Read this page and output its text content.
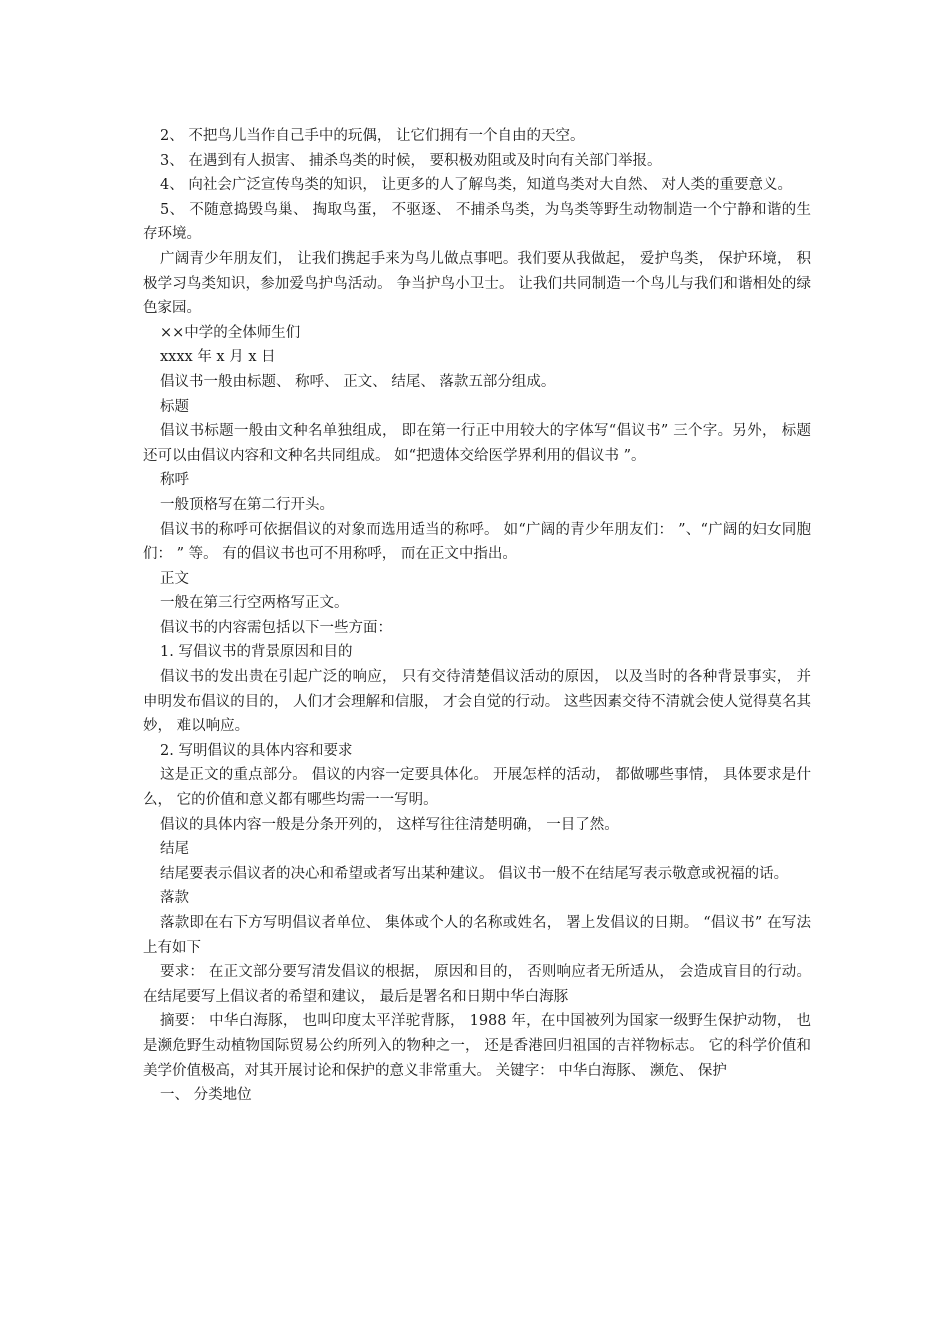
2、 不把鸟儿当作自己手中的玩偶， 让它们拥有一个自由的天空。

3、 在遇到有人损害、 捕杀鸟类的时候， 要积极劝阻或及时向有关部门举报。

4、 向社会广泛宣传鸟类的知识， 让更多的人了解鸟类，知道鸟类对大自然、 对人类的重要意义。

5、 不随意捣毁鸟巢、 掏取鸟蛋， 不驱逐、 不捕杀鸟类，为鸟类等野生动物制造一个宁静和谐的生存环境。

广阔青少年朋友们， 让我们携起手来为鸟儿做点事吧。我们要从我做起， 爱护鸟类， 保护环境， 积极学习鸟类知识，参加爱鸟护鸟活动。 争当护鸟小卫士。 让我们共同制造一个鸟儿与我们和谐相处的绿色家园。

××中学的全体师生们

xxxx 年 x 月 x 日

倡议书一般由标题、 称呼、 正文、 结尾、 落款五部分组成。

标题

倡议书标题一般由文种名单独组成， 即在第一行正中用较大的字体写“倡议书” 三个字。另外， 标题还可以由倡议内容和文种名共同组成。 如“把遗体交给医学界利用的倡议书 ”。

称呼

一般顶格写在第二行开头。

倡议书的称呼可依据倡议的对象而选用适当的称呼。 如“广阔的青少年朋友们： ”、“广阔的妇女同胞们： ” 等。 有的倡议书也可不用称呼， 而在正文中指出。

正文

一般在第三行空两格写正文。

倡议书的内容需包括以下一些方面：

1. 写倡议书的背景原因和目的

倡议书的发出贵在引起广泛的响应， 只有交待清楚倡议活动的原因， 以及当时的各种背景事实， 并申明发布倡议的目的， 人们才会理解和信服， 才会自觉的行动。 这些因素交待不清就会使人觉得莫名其妙， 难以响应。

2. 写明倡议的具体内容和要求

这是正文的重点部分。 倡议的内容一定要具体化。 开展怎样的活动， 都做哪些事情， 具体要求是什么， 它的价值和意义都有哪些均需一一写明。

倡议的具体内容一般是分条开列的， 这样写往往清楚明确， 一目了然。

结尾

结尾要表示倡议者的决心和希望或者写出某种建议。 倡议书一般不在结尾写表示敬意或祝福的话。

落款

落款即在右下方写明倡议者单位、 集体或个人的名称或姓名， 署上发倡议的日期。 “倡议书” 在写法上有如下

要求： 在正文部分要写清发倡议的根据， 原因和目的， 否则响应者无所适从， 会造成盲目的行动。 在结尾要写上倡议者的希望和建议， 最后是署名和日期中华白海豚

摘要： 中华白海豚， 也叫印度太平洋驼背豚， 1988 年，在中国被列为国家一级野生保护动物， 也是濒危野生动植物国际贸易公约所列入的物种之一， 还是香港回归祖国的吉祥物标志。 它的科学价值和美学价值极高，对其开展讨论和保护的意义非常重大。 关键字： 中华白海豚、 濒危、 保护

一、 分类地位
